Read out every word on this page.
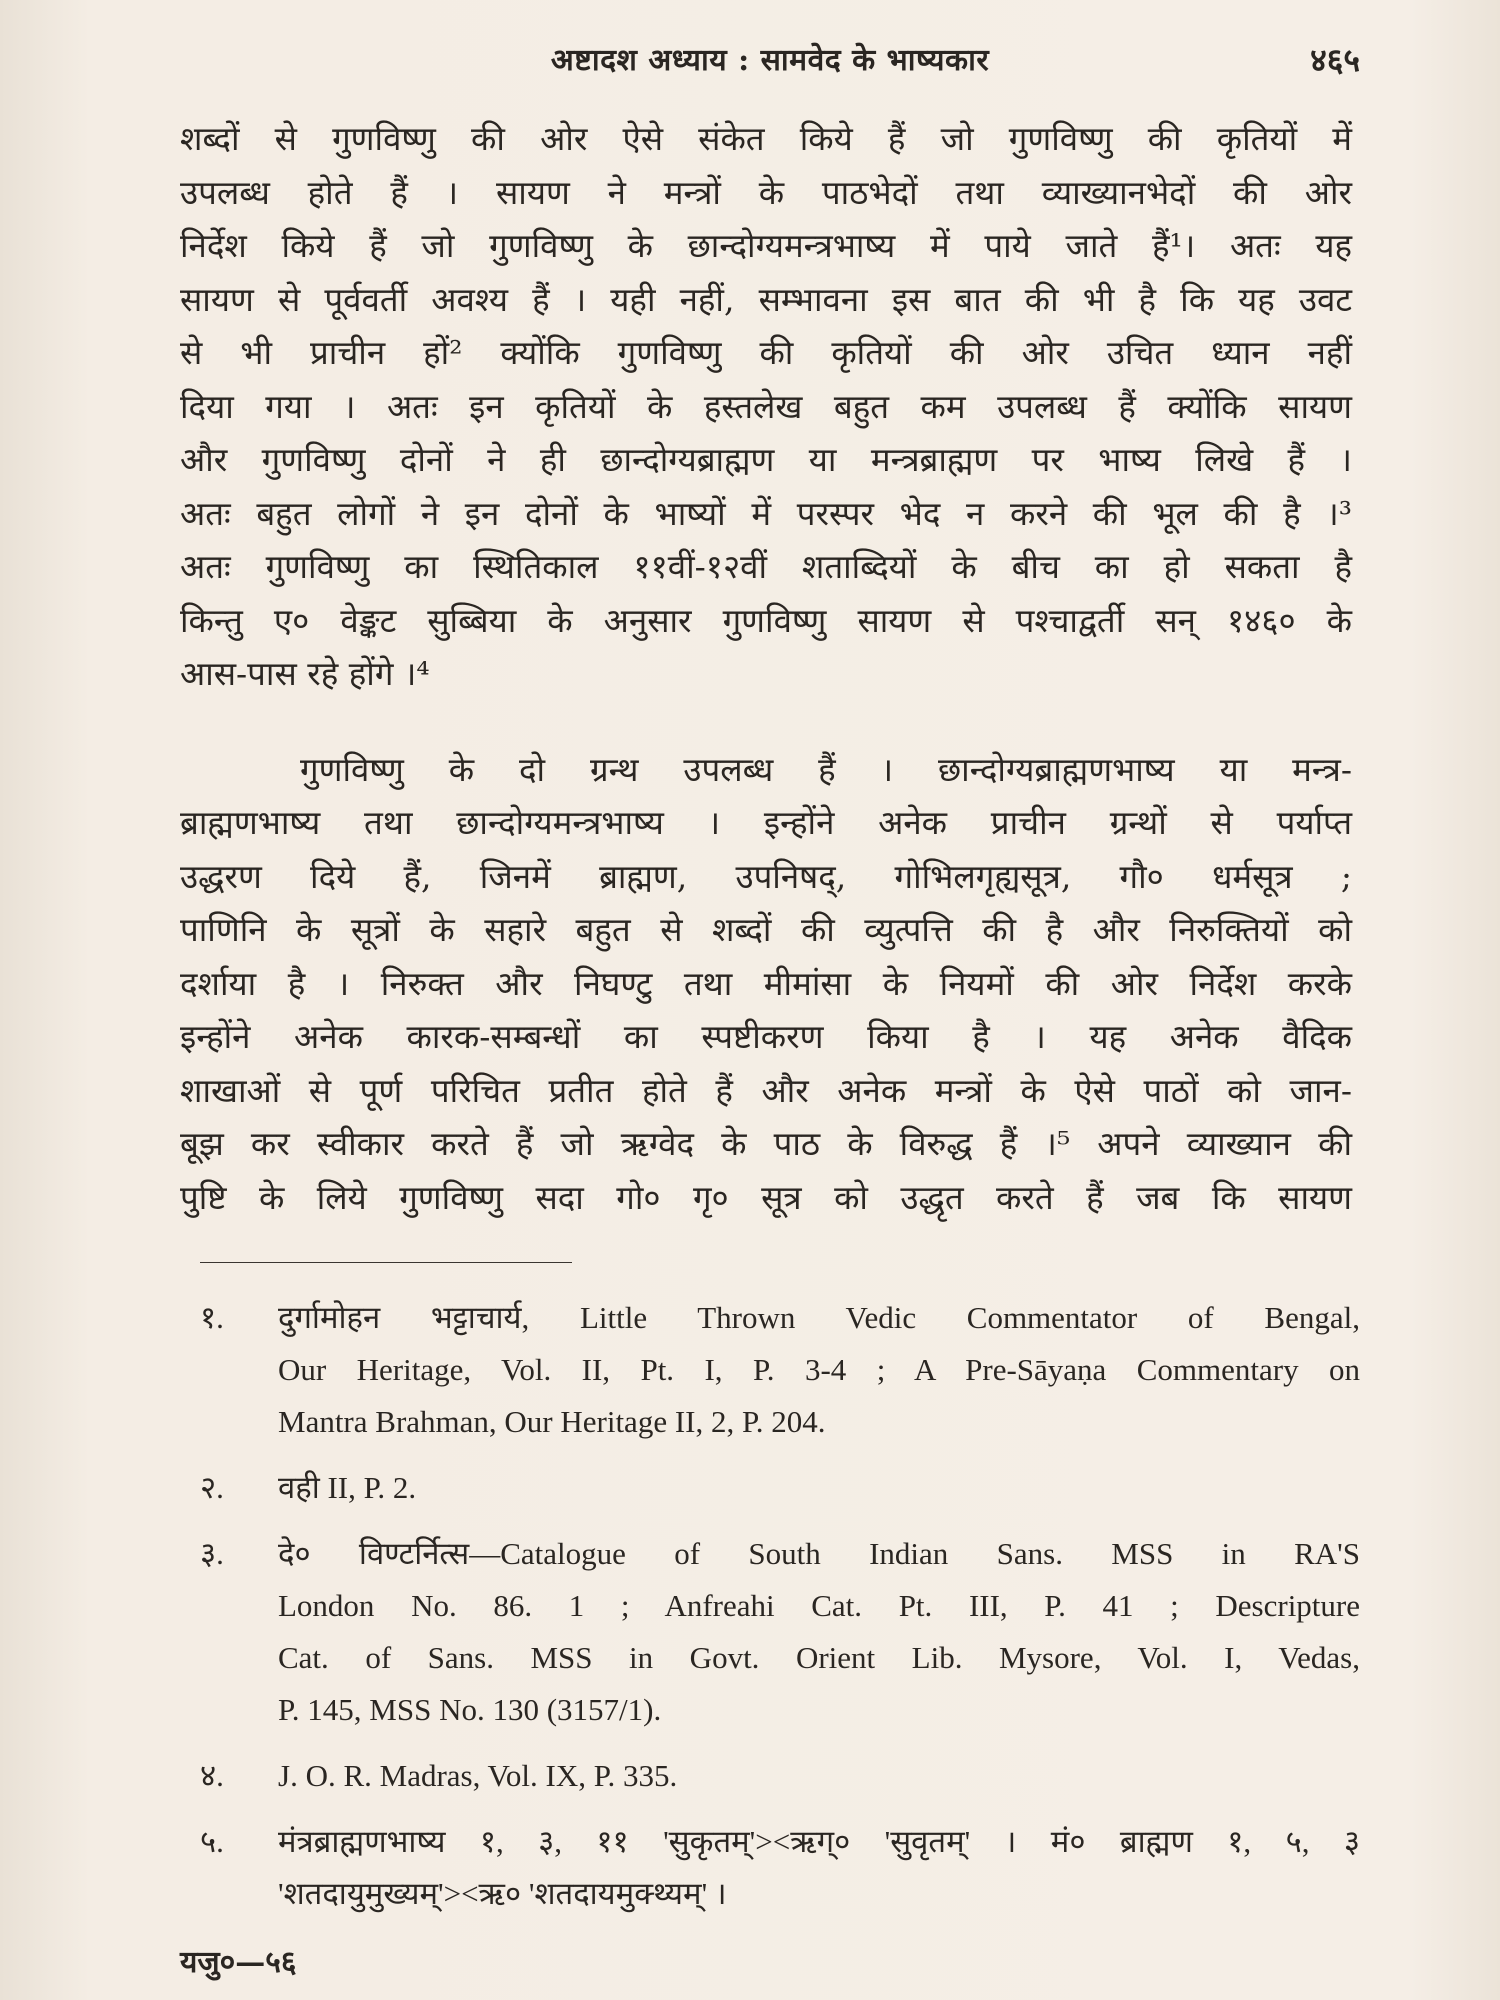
अष्टादश अध्याय : सामवेद के भाष्यकार	४६५
शब्दों से गुणविष्णु की ओर ऐसे संकेत किये हैं जो गुणविष्णु की कृतियों में
उपलब्ध होते हैं । सायण ने मन्त्रों के पाठभेदों तथा व्याख्यानभेदों की ओर
निर्देश किये हैं जो गुणविष्णु के छान्दोग्यमन्त्रभाष्य में पाये जाते हैं¹। अतः यह
सायण से पूर्ववर्ती अवश्य हैं । यही नहीं, सम्भावना इस बात की भी है कि यह उवट
से भी प्राचीन हों² क्योंकि गुणविष्णु की कृतियों की ओर उचित ध्यान नहीं
दिया गया । अतः इन कृतियों के हस्तलेख बहुत कम उपलब्ध हैं क्योंकि सायण
और गुणविष्णु दोनों ने ही छान्दोग्यब्राह्मण या मन्त्रब्राह्मण पर भाष्य लिखे हैं ।
अतः बहुत लोगों ने इन दोनों के भाष्यों में परस्पर भेद न करने की भूल की है ।³
अतः गुणविष्णु का स्थितिकाल ११वीं-१२वीं शताब्दियों के बीच का हो सकता है
किन्तु ए० वेङ्कट सुब्बिया के अनुसार गुणविष्णु सायण से पश्चाद्वर्ती सन् १४६० के
आस-पास रहे होंगे ।⁴
गुणविष्णु के दो ग्रन्थ उपलब्ध हैं । छान्दोग्यब्राह्मणभाष्य या मन्त्र-
ब्राह्मणभाष्य तथा छान्दोग्यमन्त्रभाष्य । इन्होंने अनेक प्राचीन ग्रन्थों से पर्याप्त
उद्धरण दिये हैं, जिनमें ब्राह्मण, उपनिषद्, गोभिलगृह्यसूत्र, गौ० धर्मसूत्र ;
पाणिनि के सूत्रों के सहारे बहुत से शब्दों की व्युत्पत्ति की है और निरुक्तियों को
दर्शाया है । निरुक्त और निघण्टु तथा मीमांसा के नियमों की ओर निर्देश करके
इन्होंने अनेक कारक-सम्बन्धों का स्पष्टीकरण किया है । यह अनेक वैदिक
शाखाओं से पूर्ण परिचित प्रतीत होते हैं और अनेक मन्त्रों के ऐसे पाठों को जान-
बूझ कर स्वीकार करते हैं जो ऋग्वेद के पाठ के विरुद्ध हैं ।⁵ अपने व्याख्यान की
पुष्टि के लिये गुणविष्णु सदा गो० गृ० सूत्र को उद्धृत करते हैं जब कि सायण
१.	दुर्गामोहन भट्टाचार्य, Little Thrown Vedic Commentator of Bengal,
Our Heritage, Vol. II, Pt. I, P. 3-4 ; A Pre-Sāyaṇa Commentary on
Mantra Brahman, Our Heritage II, 2, P. 204.
२.	वही II, P. 2.
३.	दे० विण्टर्नित्स—Catalogue of South Indian Sans. MSS in RA'S
London No. 86. 1 ; Anfreahi Cat. Pt. III, P. 41 ; Descripture
Cat. of Sans. MSS in Govt. Orient Lib. Mysore, Vol. I, Vedas,
P. 145, MSS No. 130 (3157/1).
४.	J. O. R. Madras, Vol. IX, P. 335.
५.	मंत्रब्राह्मणभाष्य १, ३, ११ 'सुकृतम्'><ऋग्० 'सुवृतम्' । मं० ब्राह्मण १, ५, ३
'शतदायुमुख्यम्'><ऋ० 'शतदायमुक्थ्यम्' ।
यजु०—५६
